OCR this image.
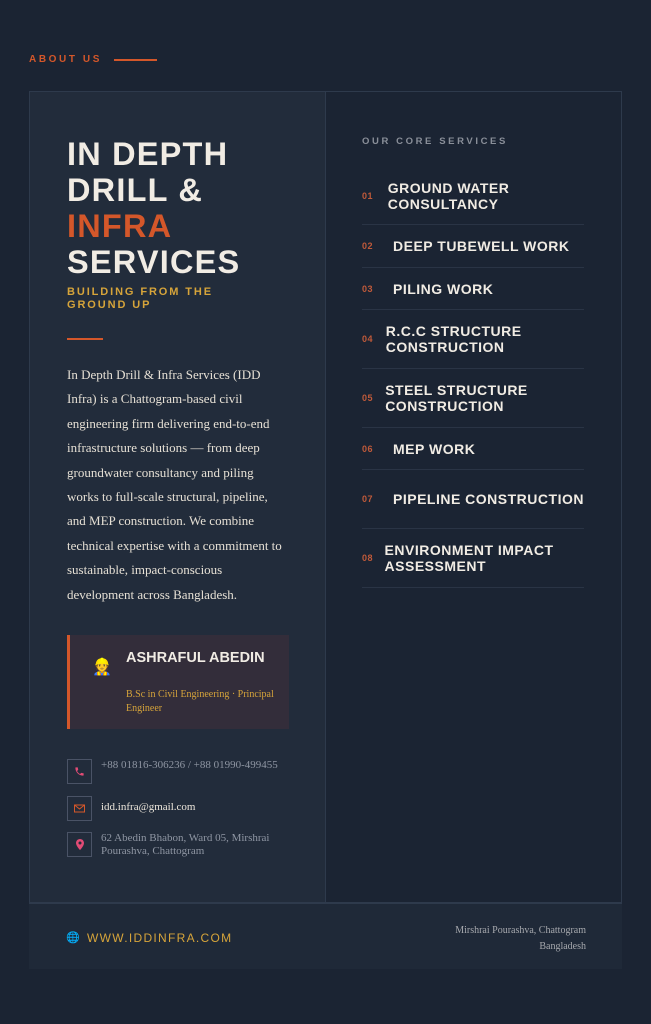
ABOUT US
IN DEPTH
DRILL &
INFRA
SERVICES
BUILDING FROM THE GROUND UP

In Depth Drill & Infra Services (IDD Infra) is a Chattogram-based civil engineering firm delivering end-to-end infrastructure solutions — from deep groundwater consultancy and piling works to full-scale structural, pipeline, and MEP construction. We combine technical expertise with a commitment to sustainable, impact-conscious development across Bangladesh.

👷
ASHRAFUL ABEDIN
B.Sc in Civil Engineering · Principal Engineer
+88 01816-306236 / +88 01990-499455
idd.infra@gmail.com
62 Abedin Bhabon, Ward 05, Mirshrai Pourashva, Chattogram
OUR CORE SERVICES
01	GROUND WATER CONSULTANCY
02	DEEP TUBEWELL WORK
03	PILING WORK
04 R.C.C STRUCTURE CONSTRUCTION
05 STEEL STRUCTURE CONSTRUCTION
06	MEP WORK
07	PIPELINE CONSTRUCTION
08 ENVIRONMENT IMPACT ASSESSMENT
🌐 WWW.IDDINFRA.COM
Mirshrai Pourashva, Chattogram
Bangladesh
